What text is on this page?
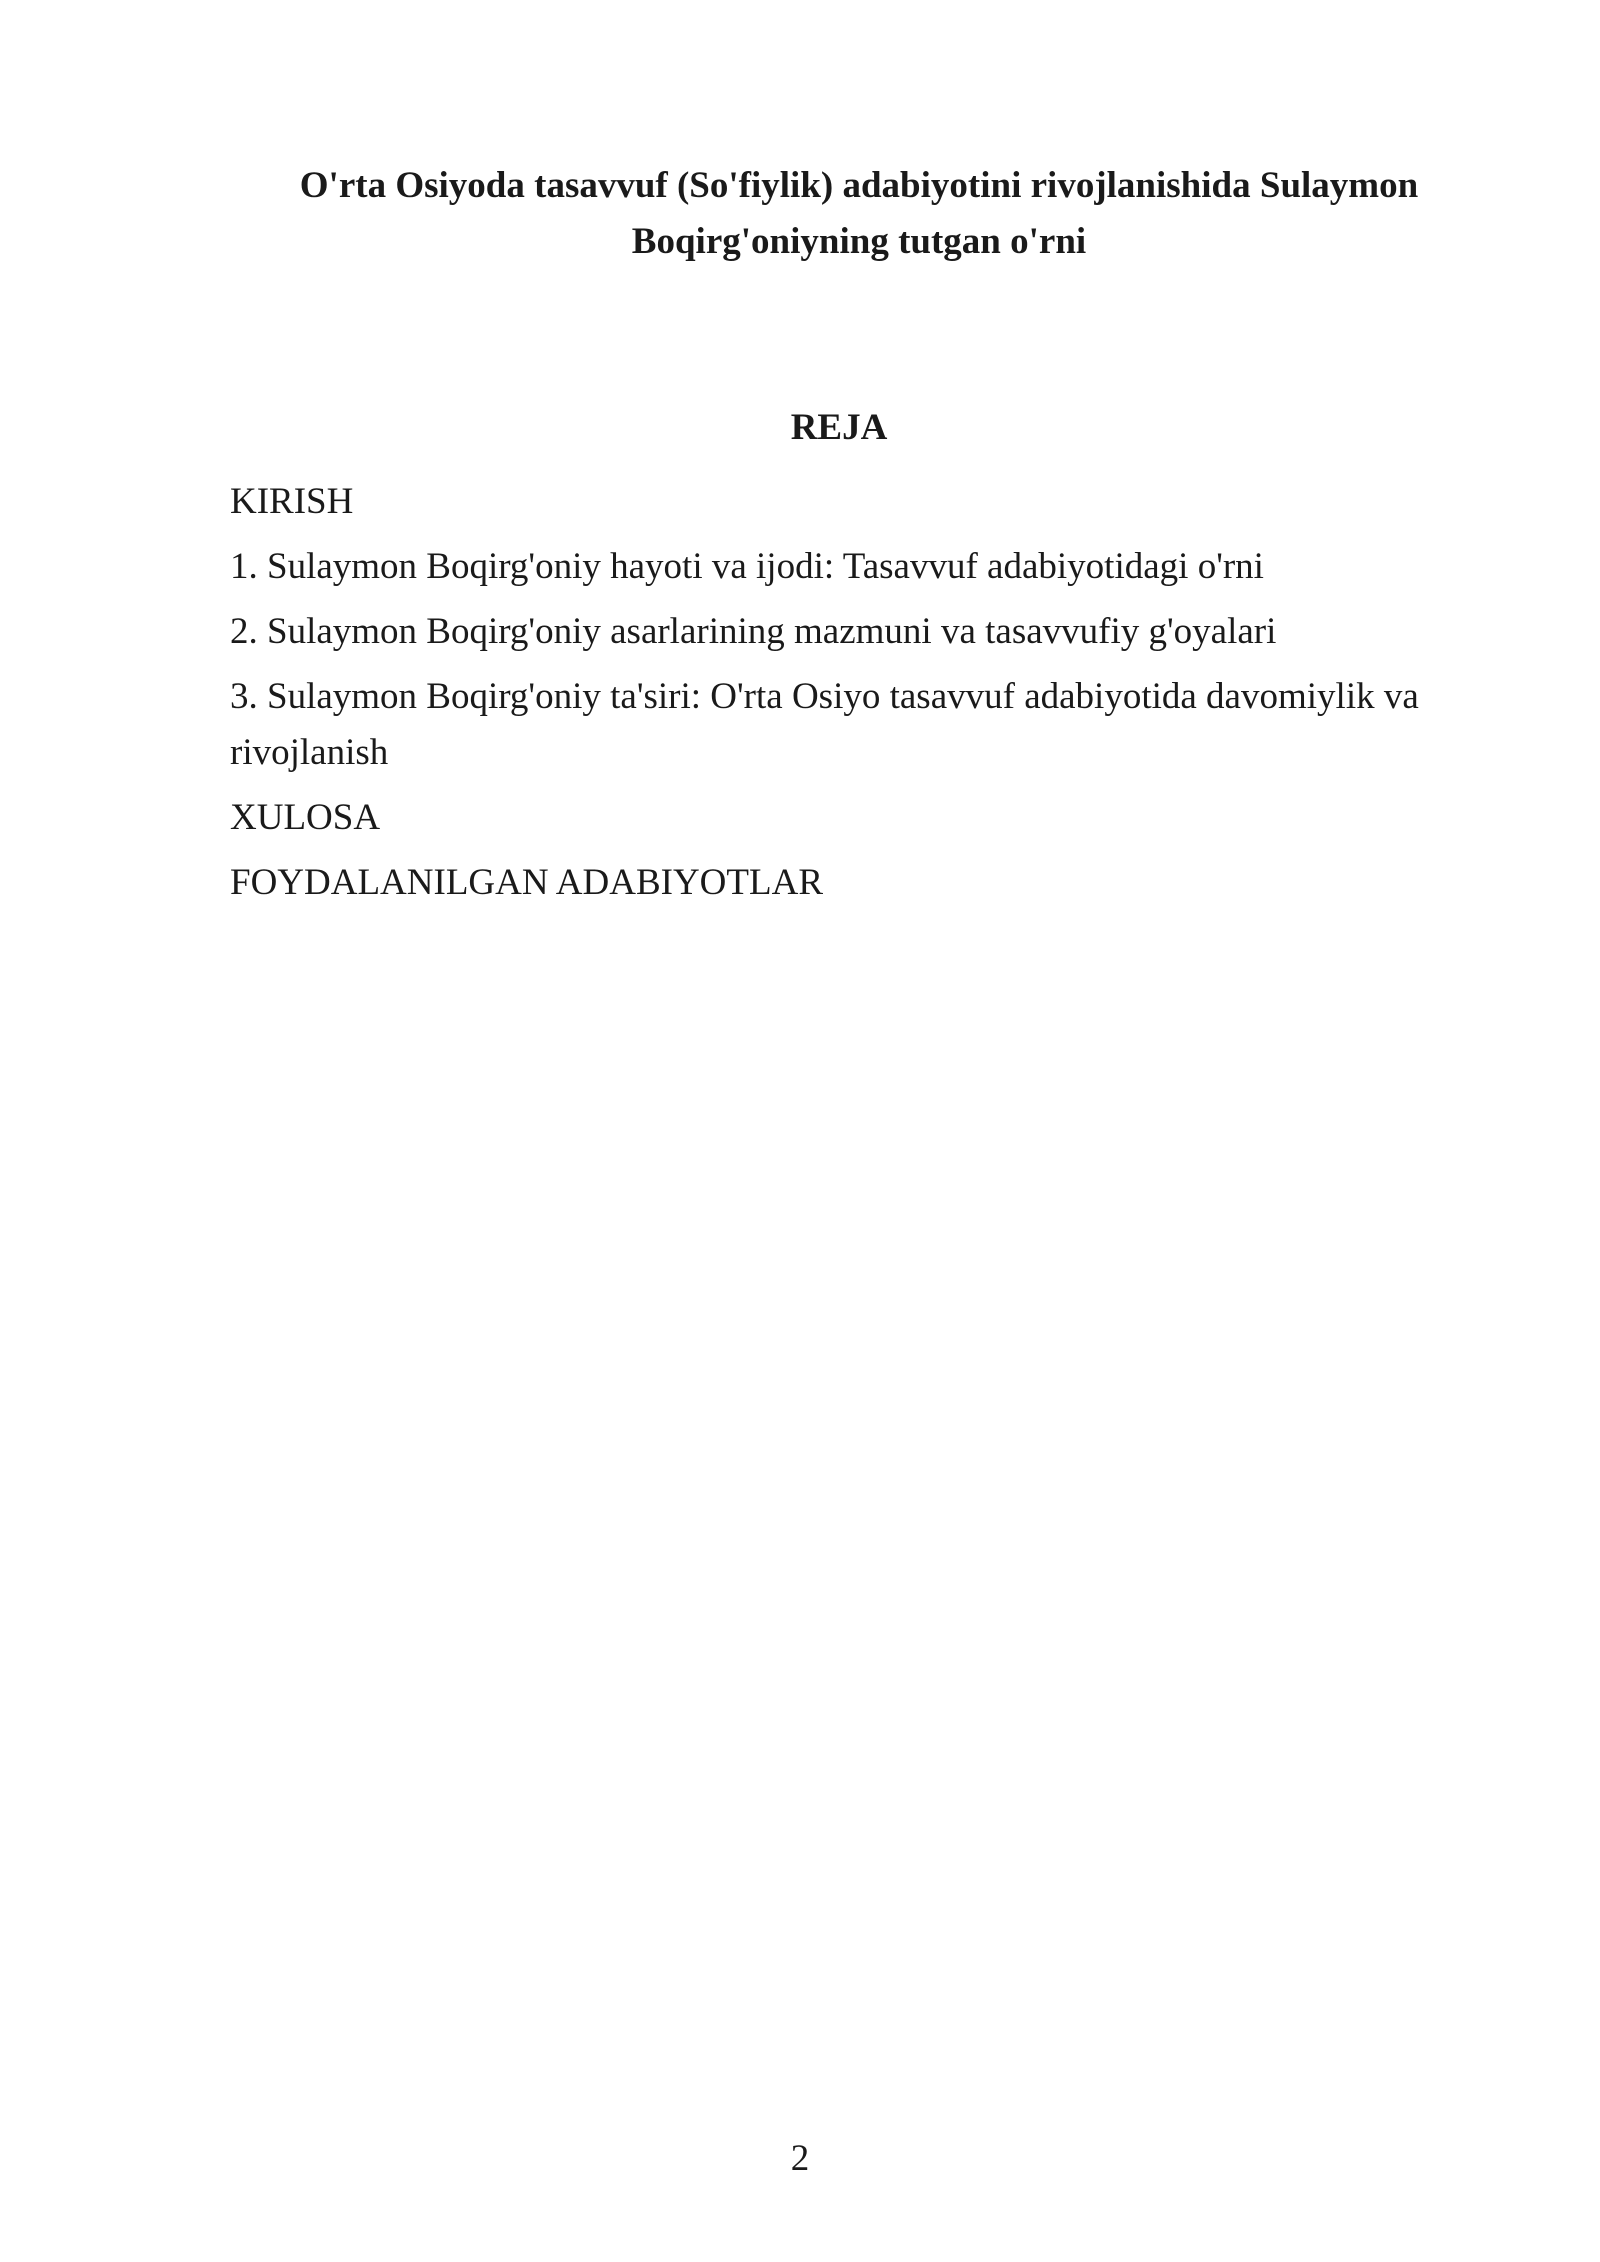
O'rta Osiyoda tasavvuf (So'fiylik) adabiyotini rivojlanishida Sulaymon Boqirg'oniyning tutgan o'rni
REJA
KIRISH
1. Sulaymon Boqirg'oniy hayoti va ijodi: Tasavvuf adabiyotidagi o'rni
2. Sulaymon Boqirg'oniy asarlarining mazmuni va tasavvufiy g'oyalari
3. Sulaymon Boqirg'oniy ta'siri: O'rta Osiyo tasavvuf adabiyotida davomiylik va rivojlanish
XULOSA
FOYDALANILGAN ADABIYOTLAR
2
